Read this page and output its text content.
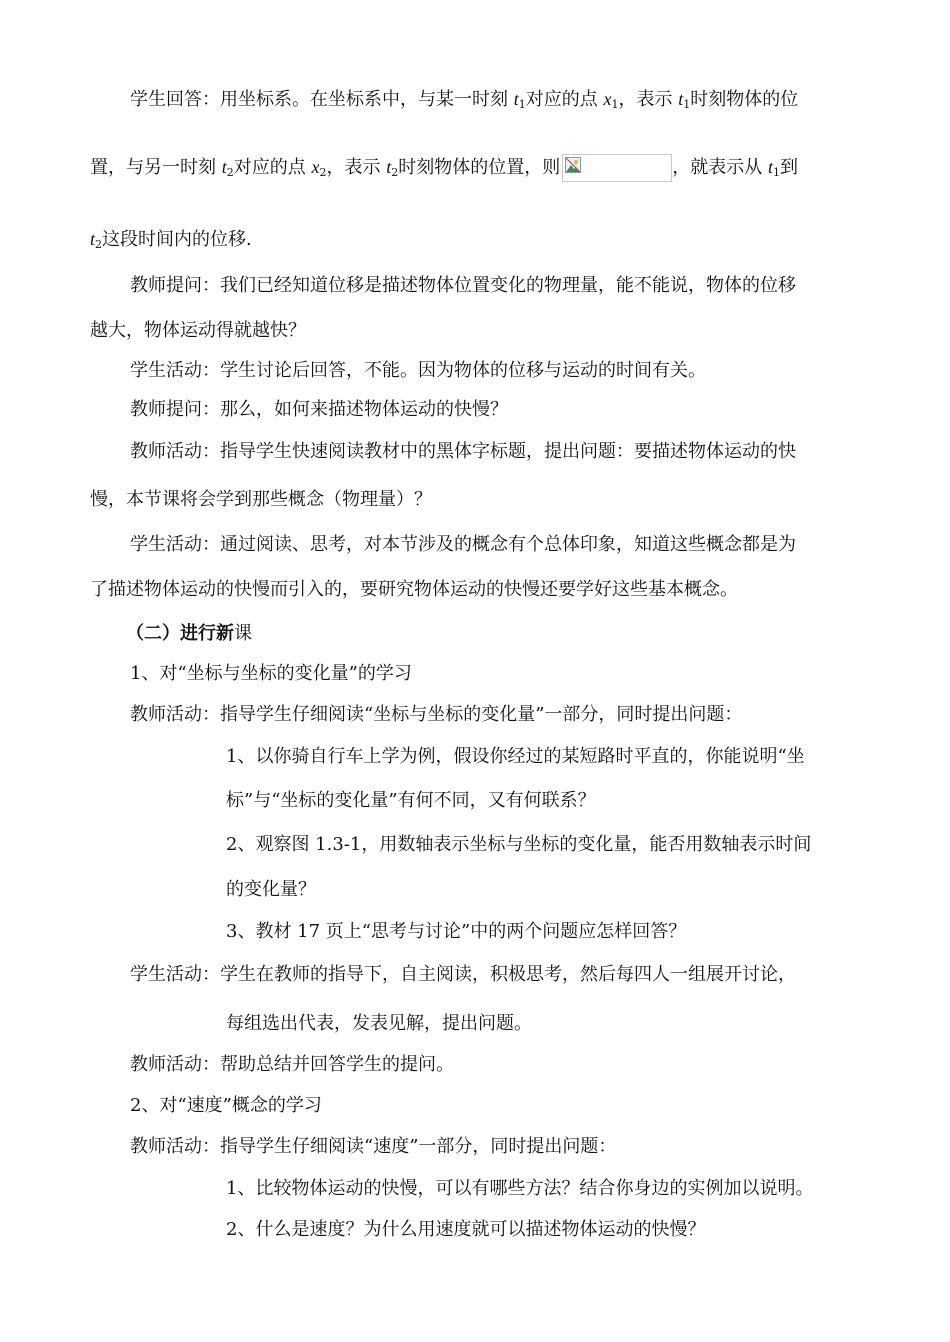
学生回答：用坐标系。在坐标系中，与某一时刻 $t_1$对应的点 $x_1$，表示 $t_1$时刻物体的位
置，与另一时刻 $t_2$对应的点 $x_2$，表示 $t_2$时刻物体的位置，则	，就表示从 $t_1$到
$t_2$这段时间内的位移.
教师提问：我们已经知道位移是描述物体位置变化的物理量，能不能说，物体的位移
越大，物体运动得就越快？
学生活动：学生讨论后回答，不能。因为物体的位移与运动的时间有关。
教师提问：那么，如何来描述物体运动的快慢？
教师活动：指导学生快速阅读教材中的黑体字标题，提出问题：要描述物体运动的快
慢，本节课将会学到那些概念（物理量）？
学生活动：通过阅读、思考，对本节涉及的概念有个总体印象，知道这些概念都是为
了描述物体运动的快慢而引入的，要研究物体运动的快慢还要学好这些基本概念。
（二）进行新课
1、对“坐标与坐标的变化量”的学习
教师活动：指导学生仔细阅读“坐标与坐标的变化量”一部分，同时提出问题：
1、以你骑自行车上学为例，假设你经过的某短路时平直的，你能说明“坐
标”与“坐标的变化量”有何不同，又有何联系？
2、观察图 1.3-1，用数轴表示坐标与坐标的变化量，能否用数轴表示时间
的变化量？
3、教材 17 页上“思考与讨论”中的两个问题应怎样回答？
学生活动：学生在教师的指导下，自主阅读，积极思考，然后每四人一组展开讨论，
每组选出代表，发表见解，提出问题。
教师活动：帮助总结并回答学生的提问。
2、对“速度”概念的学习
教师活动：指导学生仔细阅读“速度”一部分，同时提出问题：
1、比较物体运动的快慢，可以有哪些方法？结合你身边的实例加以说明。
2、什么是速度？为什么用速度就可以描述物体运动的快慢？
